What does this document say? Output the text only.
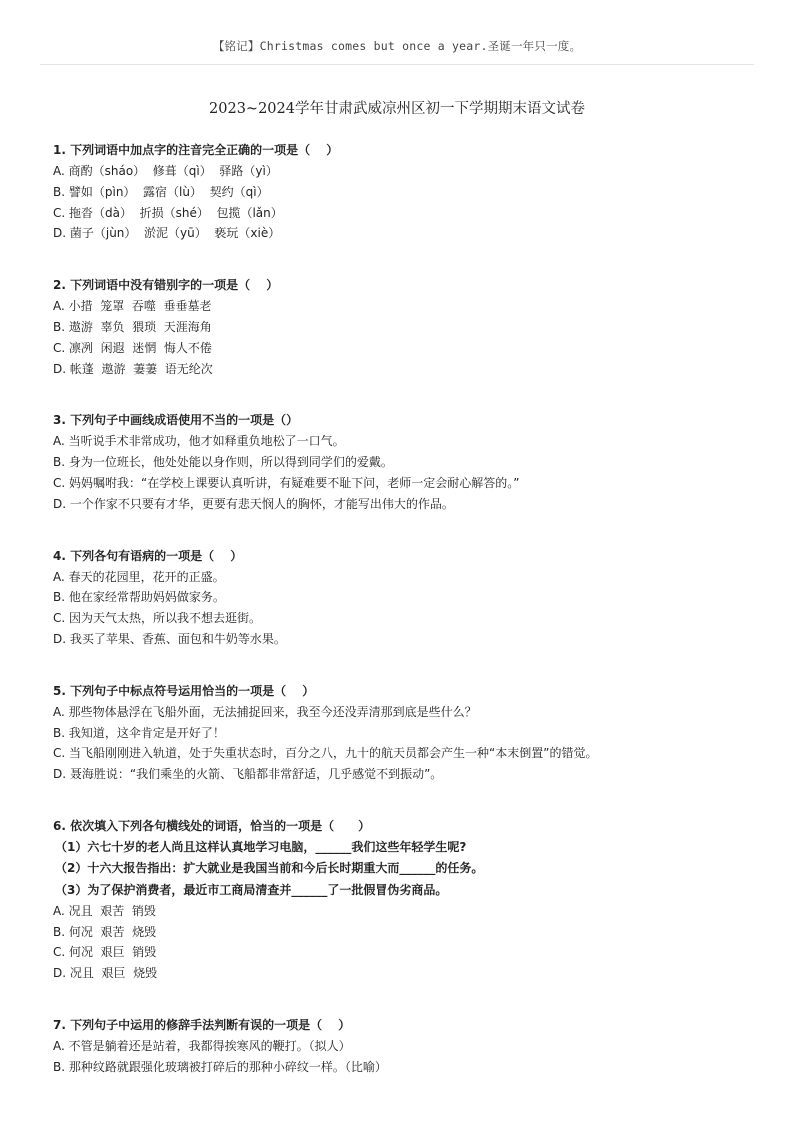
【铭记】Christmas comes but once a year.圣诞一年只一度。
2023~2024学年甘肃武威凉州区初一下学期期末语文试卷
1. 下列词语中加点字的注音完全正确的一项是（　 ）
A. 商酌（sháo）  修葺（qì）  驿路（yì）
B. 譬如（pìn）  露宿（lù）  契约（qì）
C. 拖沓（dà）  折损（shé）  包揽（lǎn）
D. 菌子（jùn）  淤泥（yū）  亵玩（xiè）
2. 下列词语中没有错别字的一项是（　 ）
A. 小措  笼罩  吞噬  垂垂墓老
B. 遨游  辜负  猥琐  天涯海角
C. 凛冽  闲遐  迷惘  悔人不倦
D. 帐蓬  遨游  萋萋  语无纶次
3. 下列句子中画线成语使用不当的一项是（）
A. 当听说手术非常成功，他才如释重负地松了一口气。
B. 身为一位班长，他处处能以身作则，所以得到同学们的爱戴。
C. 妈妈嘱咐我：“在学校上课要认真听讲，有疑难要不耻下问，老师一定会耐心解答的。”
D. 一个作家不只要有才华，更要有悲天悯人的胸怀，才能写出伟大的作品。
4. 下列各句有语病的一项是（　 ）
A. 春天的花园里，花开的正盛。
B. 他在家经常帮助妈妈做家务。
C. 因为天气太热，所以我不想去逛街。
D. 我买了苹果、香蕉、面包和牛奶等水果。
5. 下列句子中标点符号运用恰当的一项是（　 ）
A. 那些物体悬浮在飞船外面，无法捕捉回来，我至今还没弄清那到底是些什么？
B. 我知道，这伞肯定是开好了！
C. 当飞船刚刚进入轨道，处于失重状态时，百分之八，九十的航天员都会产生一种“本末倒置”的错觉。
D. 聂海胜说：“我们乘坐的火箭、飞船都非常舒适，几乎感觉不到振动”。
6. 依次填入下列各句横线处的词语，恰当的一项是（　　）
（1）六七十岁的老人尚且这样认真地学习电脑，______我们这些年轻学生呢?
（2）十六大报告指出：扩大就业是我国当前和今后长时期重大而______的任务。
（3）为了保护消费者，最近市工商局清查并______了一批假冒伪劣商品。
A. 况且  艰苦  销毁
B. 何况  艰苦  烧毁
C. 何况  艰巨  销毁
D. 况且  艰巨  烧毁
7. 下列句子中运用的修辞手法判断有误的一项是（　 ）
A. 不管是躺着还是站着，我都得挨寒风的鞭打。（拟人）
B. 那种纹路就跟强化玻璃被打碎后的那种小碎纹一样。（比喻）
